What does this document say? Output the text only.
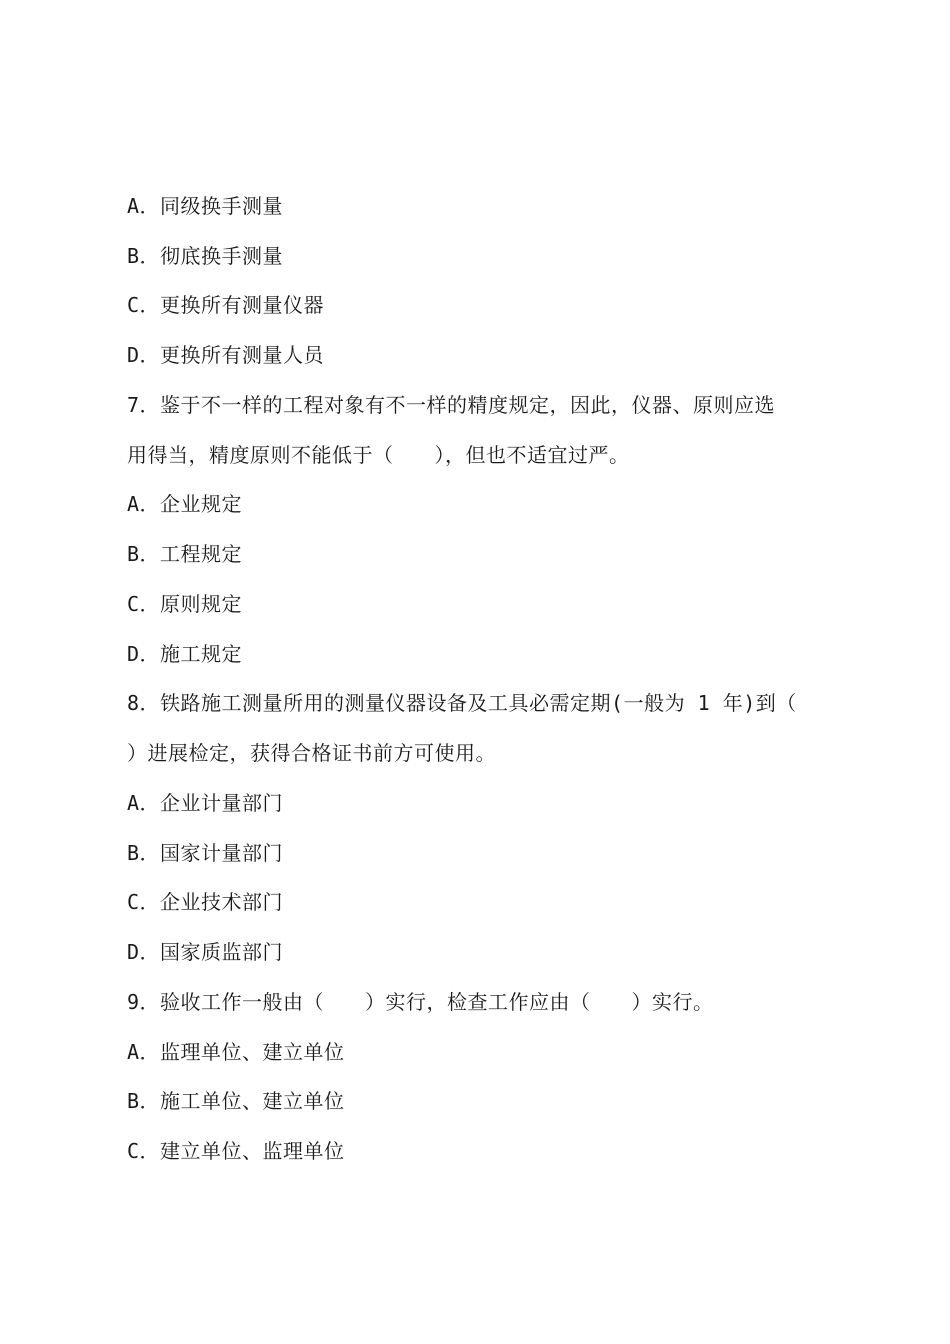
A．同级换手测量
B．彻底换手测量
C．更换所有测量仪器
D．更换所有测量人员
7．鉴于不一样的工程对象有不一样的精度规定，因此，仪器、原则应选
用得当，精度原则不能低于（　　），但也不适宜过严。
A．企业规定
B．工程规定
C．原则规定
D．施工规定
8．铁路施工测量所用的测量仪器设备及工具必需定期(一般为 1 年)到（
）进展检定，获得合格证书前方可使用。
A．企业计量部门
B．国家计量部门
C．企业技术部门
D．国家质监部门
9．验收工作一般由（　　）实行，检查工作应由（　　）实行。
A．监理单位、建立单位
B．施工单位、建立单位
C．建立单位、监理单位
